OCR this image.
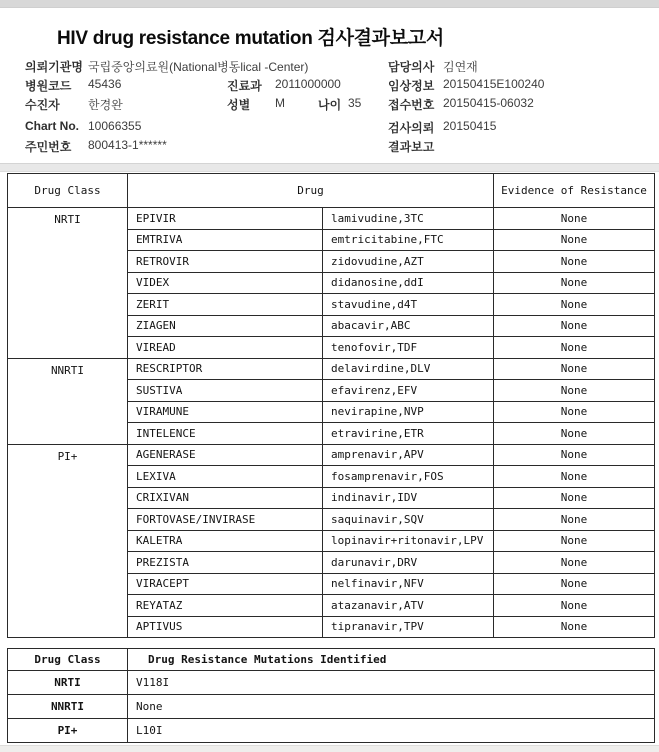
HIV drug resistance mutation 검사결과보고서
의뢰기관명 국립중앙의료원(National병동lical -Center)	담당의사 김연재
병원코드 45436	진료과 2011000000	임상정보 20150415E100240
수진자 한경완	성별 M	나이 35 접수번호 20150415-06032
Chart No. 10066355	검사의뢰 20150415
주민번호 800413-1******	결과보고
Drug Class	Drug		Evidence of Resistance
NRTI	EPIVIR	lamivudine,3TC	None
	EMTRIVA	emtricitabine,FTC	None
	RETROVIR	zidovudine,AZT	None
	VIDEX	didanosine,ddI	None
	ZERIT	stavudine,d4T	None
	ZIAGEN	abacavir,ABC	None
	VIREAD	tenofovir,TDF	None
NNRTI	RESCRIPTOR	delavirdine,DLV	None
	SUSTIVA	efavirenz,EFV	None
	VIRAMUNE	nevirapine,NVP	None
	INTELENCE	etravirine,ETR	None
PI+	AGENERASE	amprenavir,APV	None
	LEXIVA	fosamprenavir,FOS	None
	CRIXIVAN	indinavir,IDV	None
	FORTOVASE/INVIRASE	saquinavir,SQV	None
	KALETRA	lopinavir+ritonavir,LPV	None
	PREZISTA	darunavir,DRV	None
	VIRACEPT	nelfinavir,NFV	None
	REYATAZ	atazanavir,ATV	None
	APTIVUS	tipranavir,TPV	None
Drug Class	Drug Resistance Mutations Identified
NRTI	V118I
NNRTI	None
PI+	L10I
